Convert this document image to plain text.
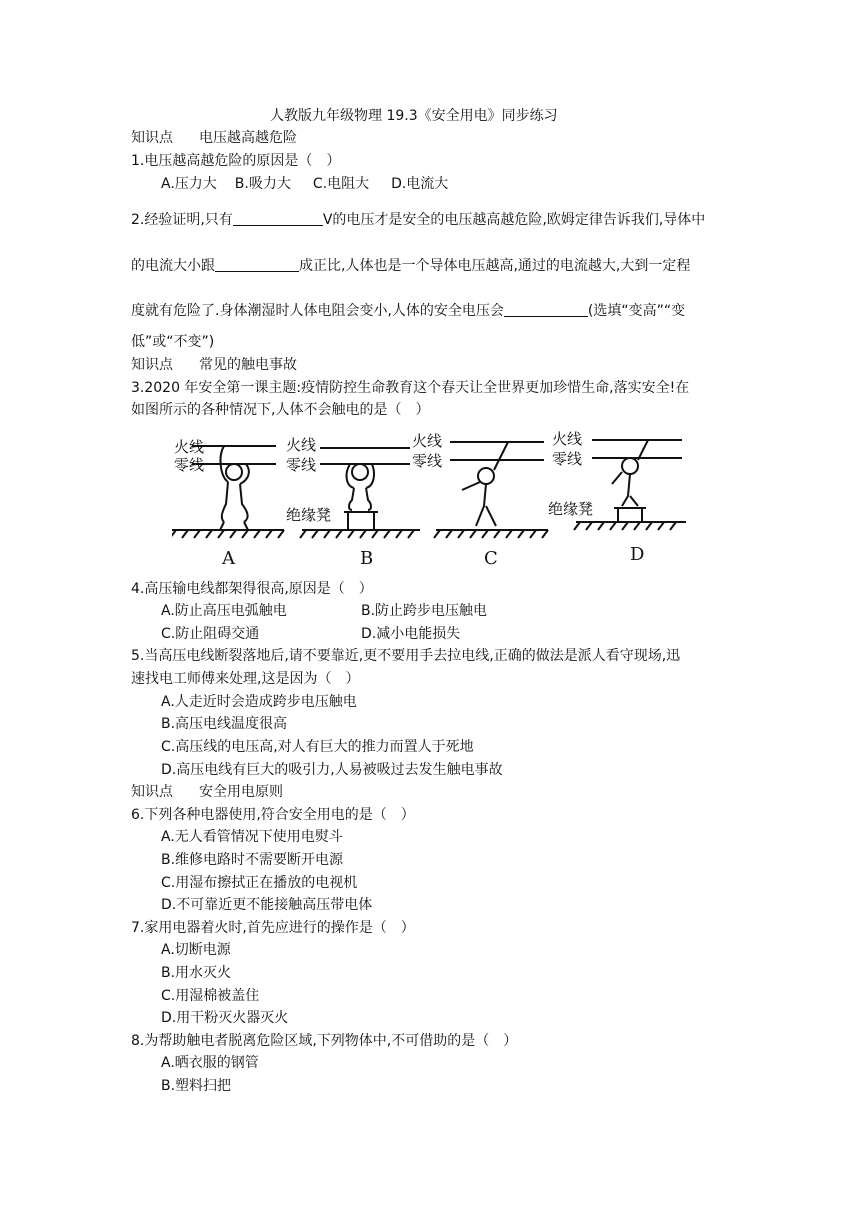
人教版九年级物理 19.3《安全用电》同步练习
知识点 电压越高越危险
1.电压越高越危险的原因是（　）
A.压力大 B.吸力大 C.电阻大 D.电流大
2.经验证明,只有	V的电压才是安全的电压越高越危险,欧姆定律告诉我们,导体中
的电流大小跟	成正比,人体也是一个导体电压越高,通过的电流越大,大到一定程
度就有危险了.身体潮湿时人体电阻会变小,人体的安全电压会	(选填“变高”“变
低”或“不变”)
知识点 常见的触电事故
3.2020 年安全第一课主题:疫情防控生命教育这个春天让全世界更加珍惜生命,落实安全!在
如图所示的各种情况下,人体不会触电的是（　）
火线
零线
火线
零线
绝缘凳
火线
零线
火线
零线
绝缘凳
A	B	C	D
4.高压输电线都架得很高,原因是（　）
A.防止高压电弧触电	B.防止跨步电压触电
C.防止阻碍交通	D.减小电能损失
5.当高压电线断裂落地后,请不要靠近,更不要用手去拉电线,正确的做法是派人看守现场,迅
速找电工师傅来处理,这是因为（　）
A.人走近时会造成跨步电压触电
B.高压电线温度很高
C.高压线的电压高,对人有巨大的推力而置人于死地
D.高压电线有巨大的吸引力,人易被吸过去发生触电事故
知识点 安全用电原则
6.下列各种电器使用,符合安全用电的是（　）
A.无人看管情况下使用电熨斗
B.维修电路时不需要断开电源
C.用湿布擦拭正在播放的电视机
D.不可靠近更不能接触高压带电体
7.家用电器着火时,首先应进行的操作是（　）
A.切断电源
B.用水灭火
C.用湿棉被盖住
D.用干粉灭火器灭火
8.为帮助触电者脱离危险区域,下列物体中,不可借助的是（　）
A.晒衣服的钢管
B.塑料扫把
